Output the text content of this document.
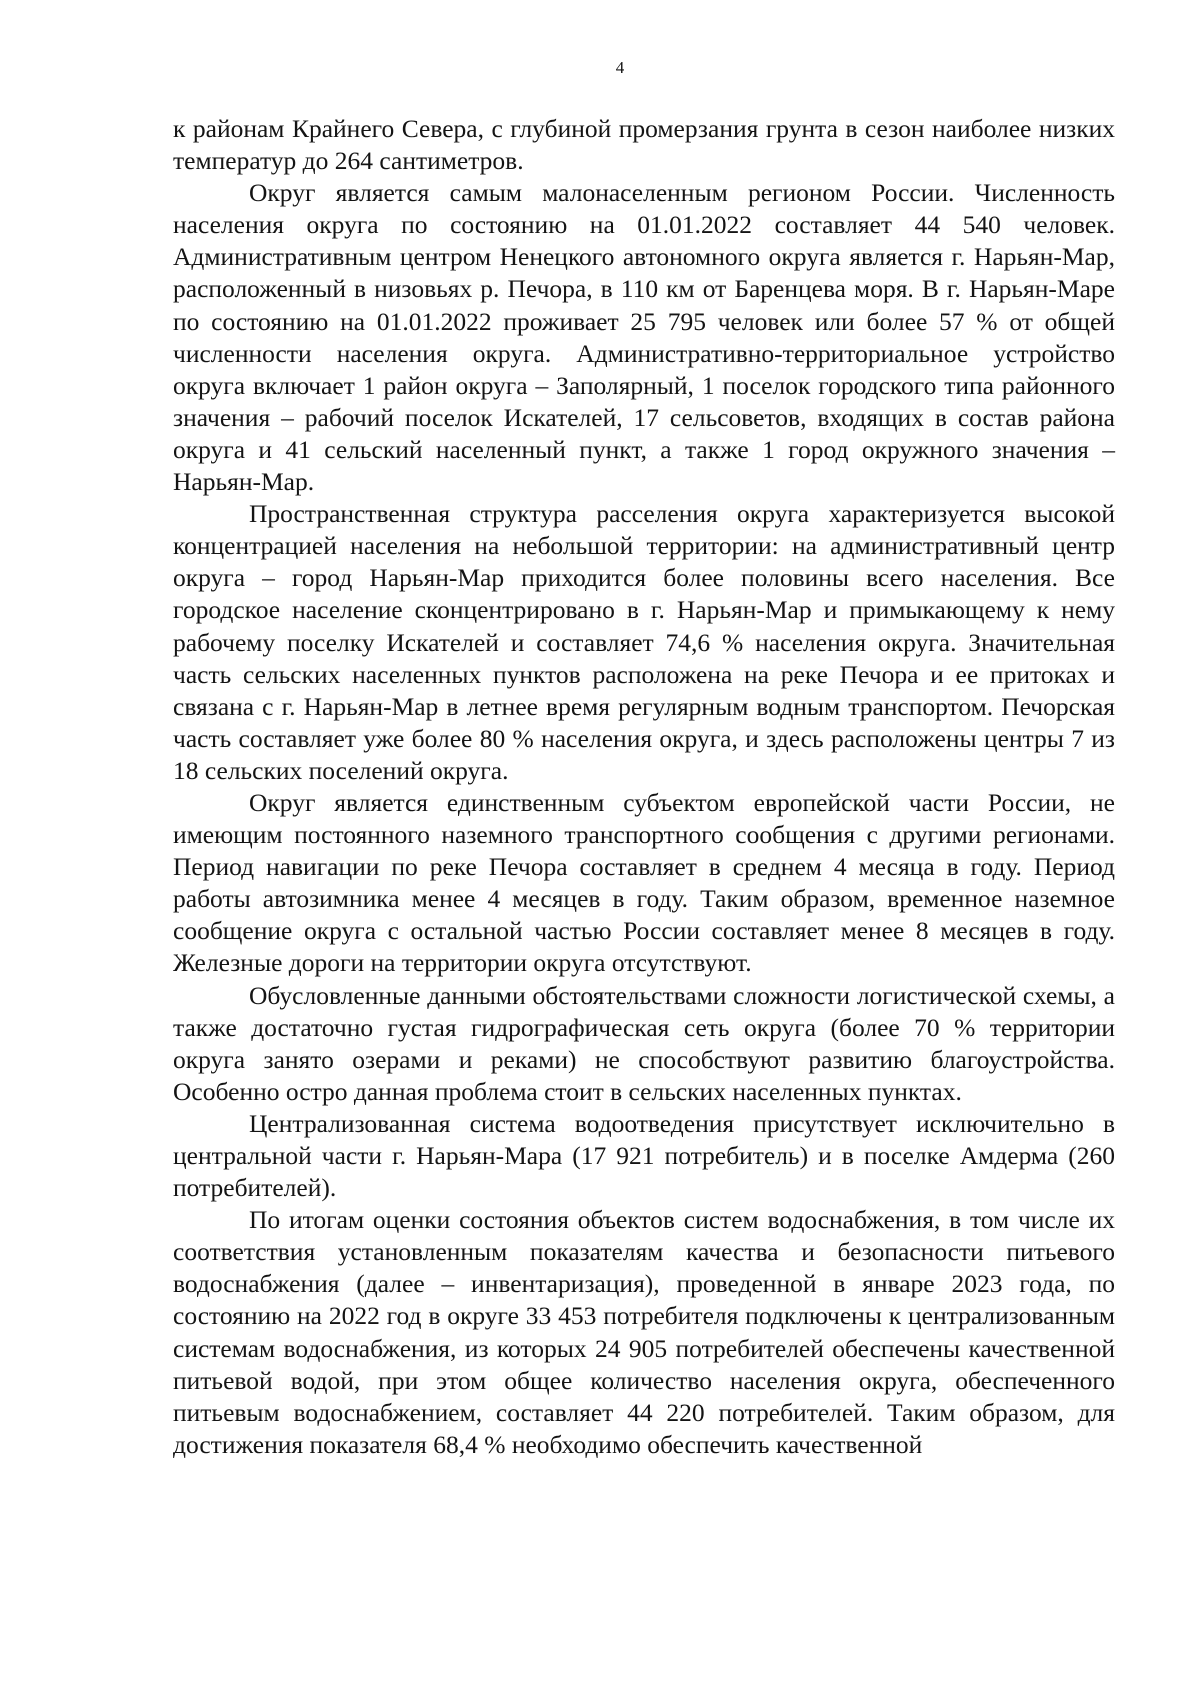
4

к районам Крайнего Севера, с глубиной промерзания грунта в сезон наиболее низких температур до 264 сантиметров.

Округ является самым малонаселенным регионом России. Численность населения округа по состоянию на 01.01.2022 составляет 44 540 человек. Административным центром Ненецкого автономного округа является г. Нарьян-Мар, расположенный в низовьях р. Печора, в 110 км от Баренцева моря. В г. Нарьян-Маре по состоянию на 01.01.2022 проживает 25 795 человек или более 57 % от общей численности населения округа. Административно-территориальное устройство округа включает 1 район округа – Заполярный, 1 поселок городского типа районного значения – рабочий поселок Искателей, 17 сельсоветов, входящих в состав района округа и 41 сельский населенный пункт, а также 1 город окружного значения – Нарьян-Мар.

Пространственная структура расселения округа характеризуется высокой концентрацией населения на небольшой территории: на административный центр округа – город Нарьян-Мар приходится более половины всего населения. Все городское население сконцентрировано в г. Нарьян-Мар и примыкающему к нему рабочему поселку Искателей и составляет 74,6 % населения округа. Значительная часть сельских населенных пунктов расположена на реке Печора и ее притоках и связана с г. Нарьян-Мар в летнее время регулярным водным транспортом. Печорская часть составляет уже более 80 % населения округа, и здесь расположены центры 7 из 18 сельских поселений округа.

Округ является единственным субъектом европейской части России, не имеющим постоянного наземного транспортного сообщения с другими регионами. Период навигации по реке Печора составляет в среднем 4 месяца в году. Период работы автозимника менее 4 месяцев в году. Таким образом, временное наземное сообщение округа с остальной частью России составляет менее 8 месяцев в году. Железные дороги на территории округа отсутствуют.

Обусловленные данными обстоятельствами сложности логистической схемы, а также достаточно густая гидрографическая сеть округа (более 70 % территории округа занято озерами и реками) не способствуют развитию благоустройства. Особенно остро данная проблема стоит в сельских населенных пунктах.

Централизованная система водоотведения присутствует исключительно в центральной части г. Нарьян-Мара (17 921 потребитель) и в поселке Амдерма (260 потребителей).

По итогам оценки состояния объектов систем водоснабжения, в том числе их соответствия установленным показателям качества и безопасности питьевого водоснабжения (далее – инвентаризация), проведенной в январе 2023 года, по состоянию на 2022 год в округе 33 453 потребителя подключены к централизованным системам водоснабжения, из которых 24 905 потребителей обеспечены качественной питьевой водой, при этом общее количество населения округа, обеспеченного питьевым водоснабжением, составляет 44 220 потребителей. Таким образом, для достижения показателя 68,4 % необходимо обеспечить качественной
